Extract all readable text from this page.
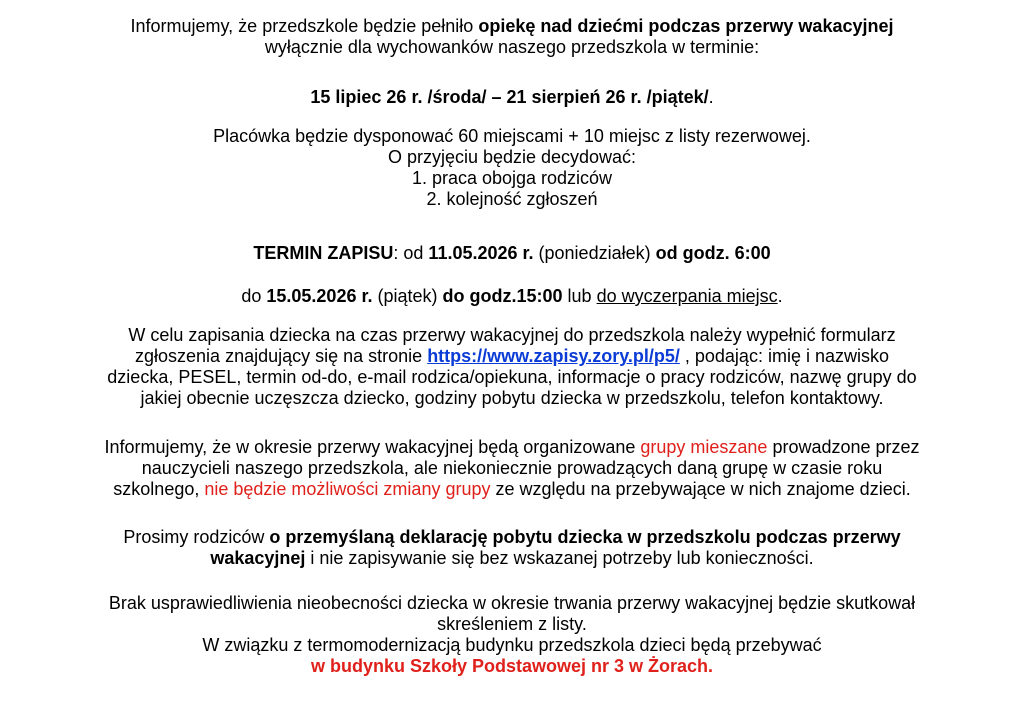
Informujemy, że przedszkole będzie pełniło opiekę nad dziećmi podczas przerwy wakacyjnej

wyłącznie dla wychowanków naszego przedszkola w terminie:

15 lipiec 26 r. /środa/ – 21 sierpień 26 r. /piątek/.

Placówka będzie dysponować 60 miejscami + 10 miejsc z listy rezerwowej.

O przyjęciu będzie decydować:

1. praca obojga rodziców

2. kolejność zgłoszeń

TERMIN ZAPISU: od 11.05.2026 r. (poniedziałek) od godz. 6:00

do 15.05.2026 r. (piątek) do godz.15:00 lub do wyczerpania miejsc.

W celu zapisania dziecka na czas przerwy wakacyjnej do przedszkola należy wypełnić formularz

zgłoszenia znajdujący się na stronie https://www.zapisy.zory.pl/p5/ , podając: imię i nazwisko

dziecka, PESEL, termin od-do, e-mail rodzica/opiekuna, informacje o pracy rodziców, nazwę grupy do

jakiej obecnie uczęszcza dziecko, godziny pobytu dziecka w przedszkolu, telefon kontaktowy.

Informujemy, że w okresie przerwy wakacyjnej będą organizowane grupy mieszane prowadzone przez

nauczycieli naszego przedszkola, ale niekoniecznie prowadzących daną grupę w czasie roku

szkolnego, nie będzie możliwości zmiany grupy ze względu na przebywające w nich znajome dzieci.

Prosimy rodziców o przemyślaną deklarację pobytu dziecka w przedszkolu podczas przerwy

wakacyjnej i nie zapisywanie się bez wskazanej potrzeby lub konieczności.

Brak usprawiedliwienia nieobecności dziecka w okresie trwania przerwy wakacyjnej będzie skutkował

skreśleniem z listy.

W związku z termomodernizacją budynku przedszkola dzieci będą przebywać

w budynku Szkoły Podstawowej nr 3 w Żorach.
